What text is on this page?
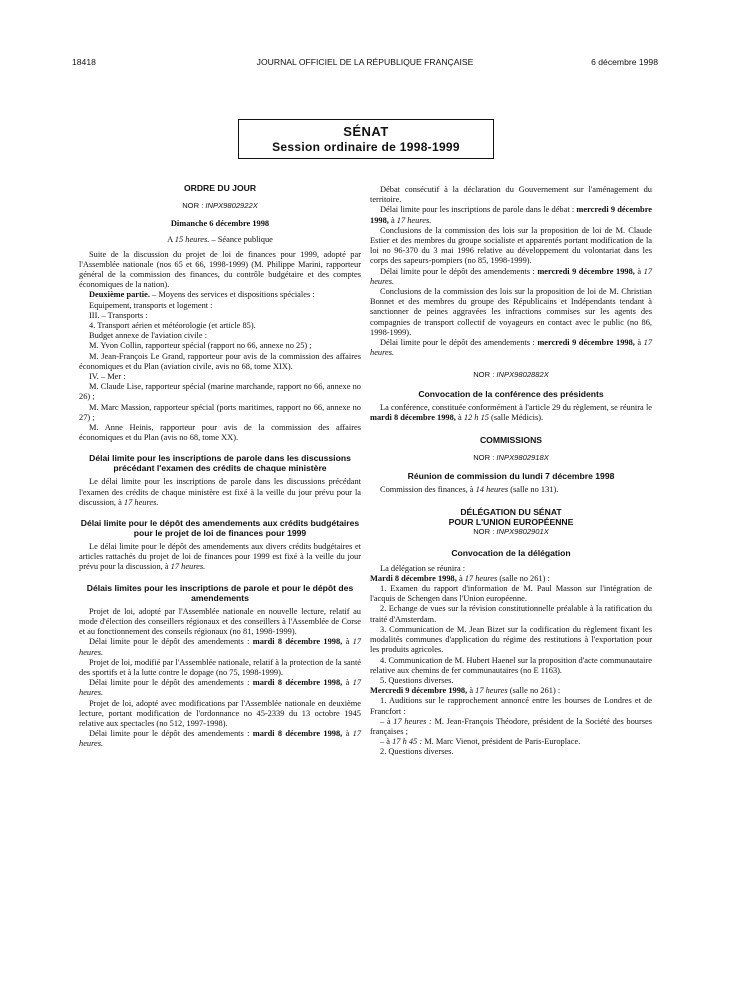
18418	JOURNAL OFFICIEL DE LA RÉPUBLIQUE FRANÇAISE	6 décembre 1998
SÉNAT
Session ordinaire de 1998-1999

ORDRE DU JOUR

NOR : INPX9802922X

Dimanche 6 décembre 1998

A 15 heures. – Séance publique

Suite de la discussion du projet de loi de finances pour 1999, adopté par l'Assemblée nationale (nos 65 et 66, 1998-1999) (M. Philippe Marini, rapporteur général de la commission des finances, du contrôle budgétaire et des comptes économiques de la nation).

Deuxième partie. – Moyens des services et dispositions spéciales :

Equipement, transports et logement :

III. – Transports :

4. Transport aérien et météorologie (et article 85).

Budget annexe de l'aviation civile :

M. Yvon Collin, rapporteur spécial (rapport no 66, annexe no 25) ;

M. Jean-François Le Grand, rapporteur pour avis de la commission des affaires économiques et du Plan (aviation civile, avis no 68, tome XIX).

IV. – Mer :

M. Claude Lise, rapporteur spécial (marine marchande, rapport no 66, annexe no 26) ;

M. Marc Massion, rapporteur spécial (ports maritimes, rapport no 66, annexe no 27) ;

M. Anne Heinis, rapporteur pour avis de la commission des affaires économiques et du Plan (avis no 68, tome XX).

Délai limite pour les inscriptions de parole dans les discussions précédant l'examen des crédits de chaque ministère

Le délai limite pour les inscriptions de parole dans les discussions précédant l'examen des crédits de chaque ministère est fixé à la veille du jour prévu pour la discussion, à 17 heures.

Délai limite pour le dépôt des amendements aux crédits budgétaires pour le projet de loi de finances pour 1999

Le délai limite pour le dépôt des amendements aux divers crédits budgétaires et articles rattachés du projet de loi de finances pour 1999 est fixé à la veille du jour prévu pour la discussion, à 17 heures.

Délais limites pour les inscriptions de parole et pour le dépôt des amendements

Projet de loi, adopté par l'Assemblée nationale en nouvelle lecture, relatif au mode d'élection des conseillers régionaux et des conseillers à l'Assemblée de Corse et au fonctionnement des conseils régionaux (no 81, 1998-1999).

Délai limite pour le dépôt des amendements : mardi 8 décembre 1998, à 17 heures.

Projet de loi, modifié par l'Assemblée nationale, relatif à la protection de la santé des sportifs et à la lutte contre le dopage (no 75, 1998-1999).

Délai limite pour le dépôt des amendements : mardi 8 décembre 1998, à 17 heures.

Projet de loi, adopté avec modifications par l'Assemblée nationale en deuxième lecture, portant modification de l'ordonnance no 45-2339 du 13 octobre 1945 relative aux spectacles (no 512, 1997-1998).

Délai limite pour le dépôt des amendements : mardi 8 décembre 1998, à 17 heures.

Débat consécutif à la déclaration du Gouvernement sur l'aménagement du territoire.

Délai limite pour les inscriptions de parole dans le débat : mercredi 9 décembre 1998, à 17 heures.

Conclusions de la commission des lois sur la proposition de loi de M. Claude Estier et des membres du groupe socialiste et apparentés portant modification de la loi no 96-370 du 3 mai 1996 relative au développement du volontariat dans les corps des sapeurs-pompiers (no 85, 1998-1999).

Délai limite pour le dépôt des amendements : mercredi 9 décembre 1998, à 17 heures.

Conclusions de la commission des lois sur la proposition de loi de M. Christian Bonnet et des membres du groupe des Républicains et Indépendants tendant à sanctionner de peines aggravées les infractions commises sur les agents des compagnies de transport collectif de voyageurs en contact avec le public (no 86, 1998-1999).

Délai limite pour le dépôt des amendements : mercredi 9 décembre 1998, à 17 heures.

NOR : INPX9802882X

Convocation de la conférence des présidents

La conférence, constituée conformément à l'article 29 du règlement, se réunira le mardi 8 décembre 1998, à 12 h 15 (salle Médicis).

COMMISSIONS

NOR : INPX9802918X

Réunion de commission du lundi 7 décembre 1998

Commission des finances, à 14 heures (salle no 131).

DÉLÉGATION DU SÉNAT

POUR L'UNION EUROPÉENNE

NOR : INPX9802901X

Convocation de la délégation

La délégation se réunira :

Mardi 8 décembre 1998, à 17 heures (salle no 261) :

1. Examen du rapport d'information de M. Paul Masson sur l'intégration de l'acquis de Schengen dans l'Union européenne.

2. Echange de vues sur la révision constitutionnelle préalable à la ratification du traité d'Amsterdam.

3. Communication de M. Jean Bizet sur la codification du règlement fixant les modalités communes d'application du régime des restitutions à l'exportation pour les produits agricoles.

4. Communication de M. Hubert Haenel sur la proposition d'acte communautaire relative aux chemins de fer communautaires (no E 1163).

5. Questions diverses.

Mercredi 9 décembre 1998, à 17 heures (salle no 261) :

1. Auditions sur le rapprochement annoncé entre les bourses de Londres et de Francfort :

– à 17 heures : M. Jean-François Théodore, président de la Société des bourses françaises ;

– à 17 h 45 : M. Marc Vienot, président de Paris-Europlace.

2. Questions diverses.
